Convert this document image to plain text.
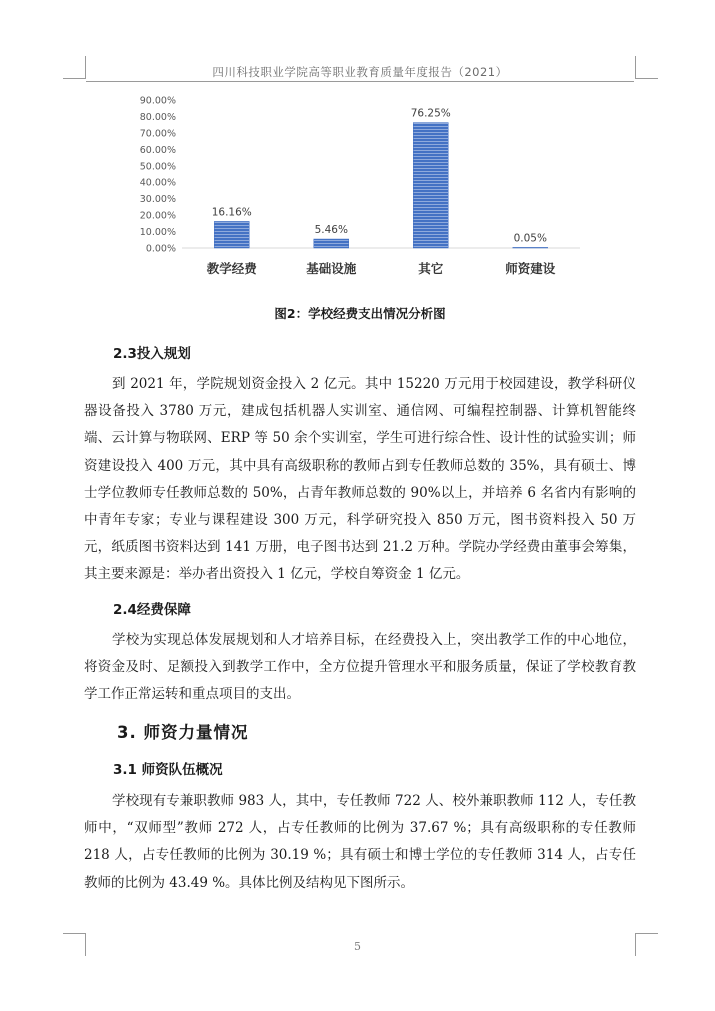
四川科技职业学院高等职业教育质量年度报告（2021）
0.00%
10.00%
20.00%
30.00%
40.00%
50.00%
60.00%
70.00%
80.00%
90.00%
16.16%
5.46%
76.25%
0.05%
教学经费	基础设施	其它	师资建设
图2：学校经费支出情况分析图
2.3投入规划

到 2021 年，学院规划资金投入 2 亿元。其中 15220 万元用于校园建设，教学科研仪器设备投入 3780 万元，建成包括机器人实训室、通信网、可编程控制器、计算机智能终端、云计算与物联网、ERP 等 50 余个实训室，学生可进行综合性、设计性的试验实训；师资建设投入 400 万元，其中具有高级职称的教师占到专任教师总数的 35%，具有硕士、博士学位教师专任教师总数的 50%，占青年教师总数的 90%以上，并培养 6 名省内有影响的中青年专家；专业与课程建设 300 万元，科学研究投入 850 万元，图书资料投入 50 万元，纸质图书资料达到 141 万册，电子图书达到 21.2 万种。学院办学经费由董事会筹集，其主要来源是：举办者出资投入 1 亿元，学校自筹资金 1 亿元。

2.4经费保障

学校为实现总体发展规划和人才培养目标，在经费投入上，突出教学工作的中心地位，将资金及时、足额投入到教学工作中，全方位提升管理水平和服务质量，保证了学校教育教学工作正常运转和重点项目的支出。

3. 师资力量情况
3.1 师资队伍概况

学校现有专兼职教师 983 人，其中，专任教师 722 人、校外兼职教师 112 人，专任教师中，“双师型”教师 272 人，占专任教师的比例为 37.67 %；具有高级职称的专任教师 218 人，占专任教师的比例为 30.19 %；具有硕士和博士学位的专任教师 314 人，占专任教师的比例为 43.49 %。具体比例及结构见下图所示。

5
